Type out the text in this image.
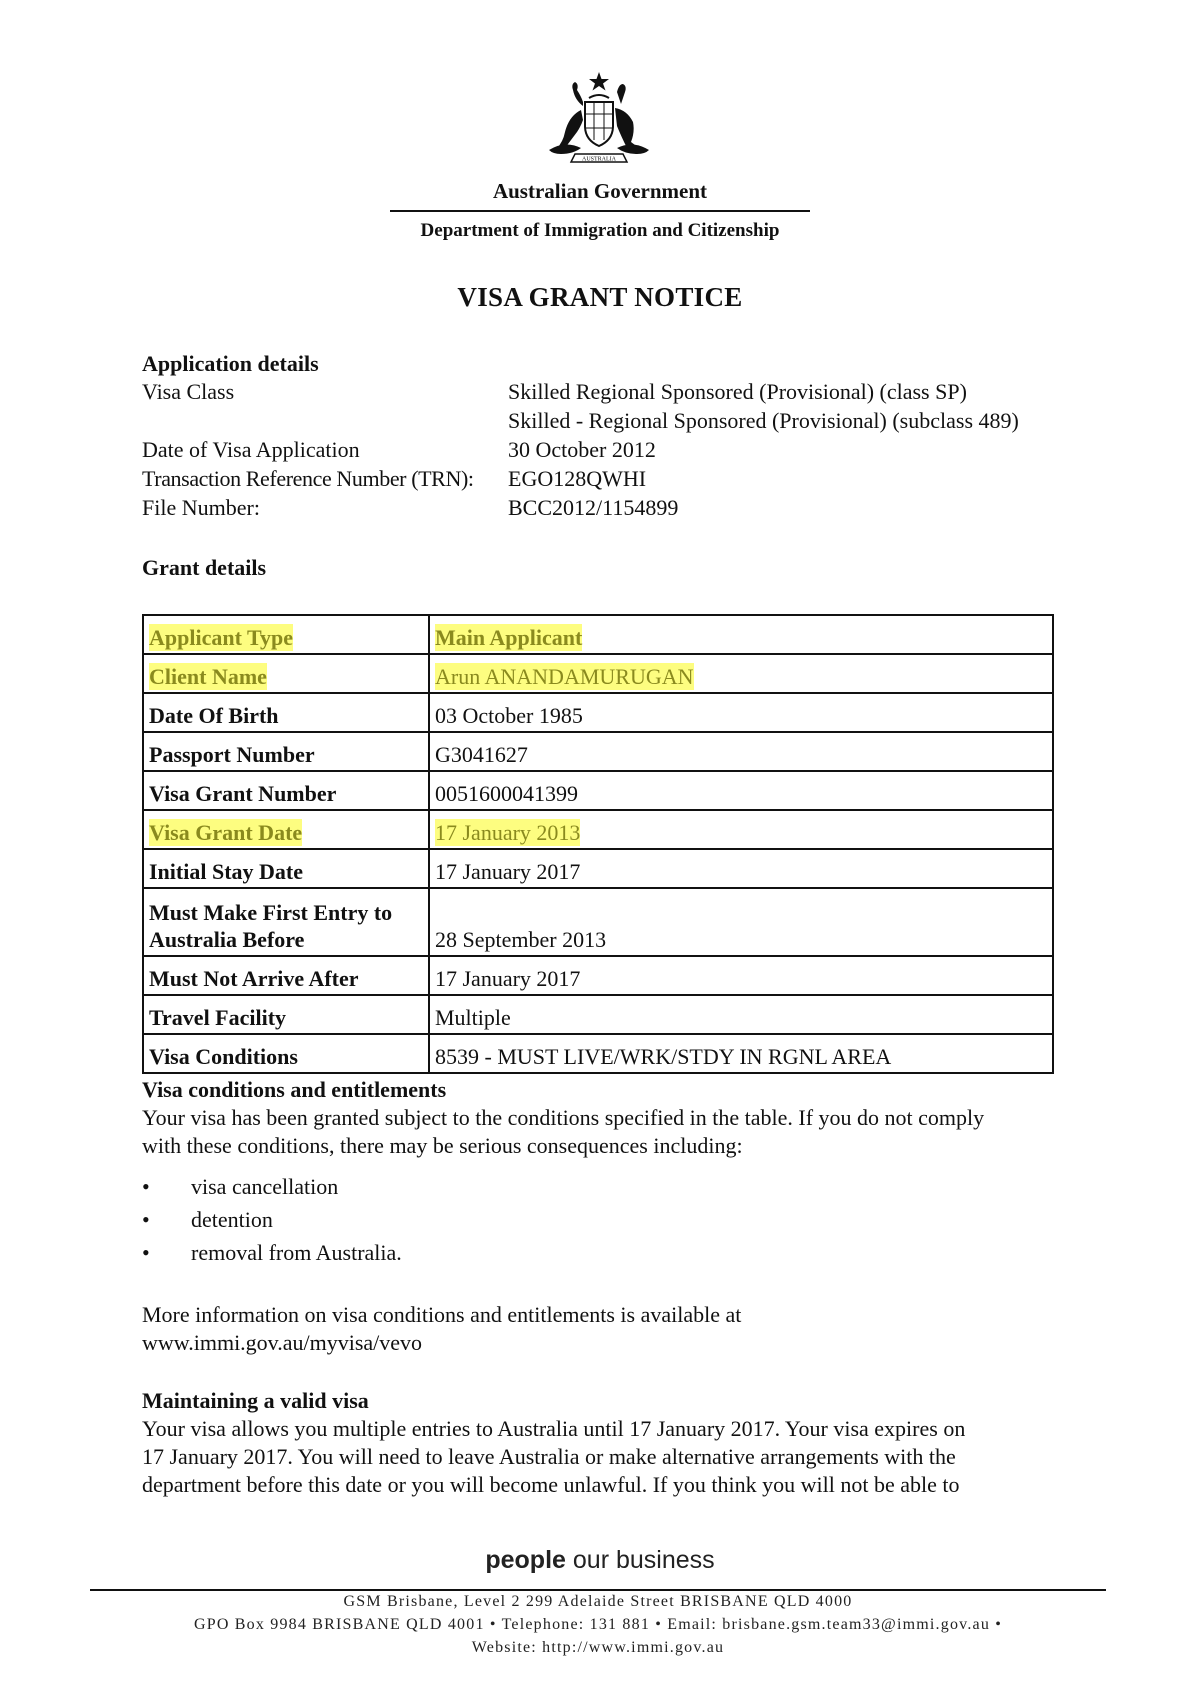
AUSTRALIA
Australian Government
Department of Immigration and Citizenship
VISA GRANT NOTICE
Application details
Visa Class	Skilled Regional Sponsored (Provisional) (class SP)
Skilled - Regional Sponsored (Provisional) (subclass 489)
Date of Visa Application	30 October 2012
Transaction Reference Number (TRN): EGO128QWHI
File Number:	BCC2012/1154899
Grant details
Applicant Type	Main Applicant
Client Name	Arun ANANDAMURUGAN
Date Of Birth	03 October 1985
Passport Number	G3041627
Visa Grant Number	0051600041399
Visa Grant Date	17 January 2013
Initial Stay Date	17 January 2017
Must Make First Entry to
Australia Before	28 September 2013
Must Not Arrive After	17 January 2017
Travel Facility	Multiple
Visa Conditions	8539 - MUST LIVE/WRK/STDY IN RGNL AREA
Visa conditions and entitlements
Your visa has been granted subject to the conditions specified in the table. If you do not comply
with these conditions, there may be serious consequences including:
• visa cancellation
• detention
• removal from Australia.
More information on visa conditions and entitlements is available at
www.immi.gov.au/myvisa/vevo
Maintaining a valid visa
Your visa allows you multiple entries to Australia until 17 January 2017. Your visa expires on
17 January 2017. You will need to leave Australia or make alternative arrangements with the
department before this date or you will become unlawful. If you think you will not be able to
people our business
GSM Brisbane, Level 2 299 Adelaide Street BRISBANE QLD 4000
GPO Box 9984 BRISBANE QLD 4001 • Telephone: 131 881 • Email: brisbane.gsm.team33@immi.gov.au •
Website: http://www.immi.gov.au
